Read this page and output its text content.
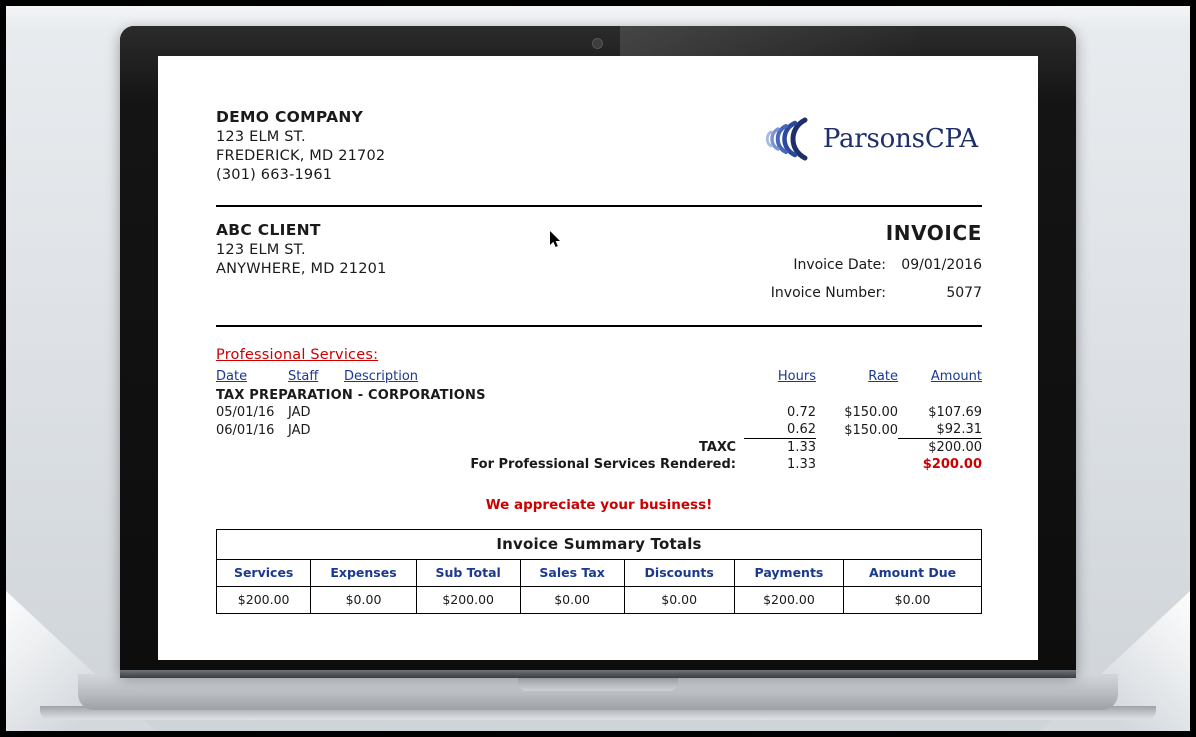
DEMO COMPANY
123 ELM ST.
FREDERICK, MD 21702
(301) 663-1961
ParsonsCPA
ABC CLIENT
123 ELM ST.
ANYWHERE, MD 21201
INVOICE
Invoice Date:	09/01/2016
Invoice Number:	5077
Professional Services:
Date	Staff	Description	Hours	Rate	Amount
TAX PREPARATION - CORPORATIONS					
05/01/16	JAD		0.72	$150.00	$107.69
06/01/16	JAD		0.62	$150.00	$92.31
TAXC			1.33		$200.00
For Professional Services Rendered:			1.33		$200.00
We appreciate your business!
Invoice Summary Totals
Services	Expenses	Sub Total	Sales Tax	Discounts	Payments	Amount Due
$200.00	$0.00	$200.00	$0.00	$0.00	$200.00	$0.00
